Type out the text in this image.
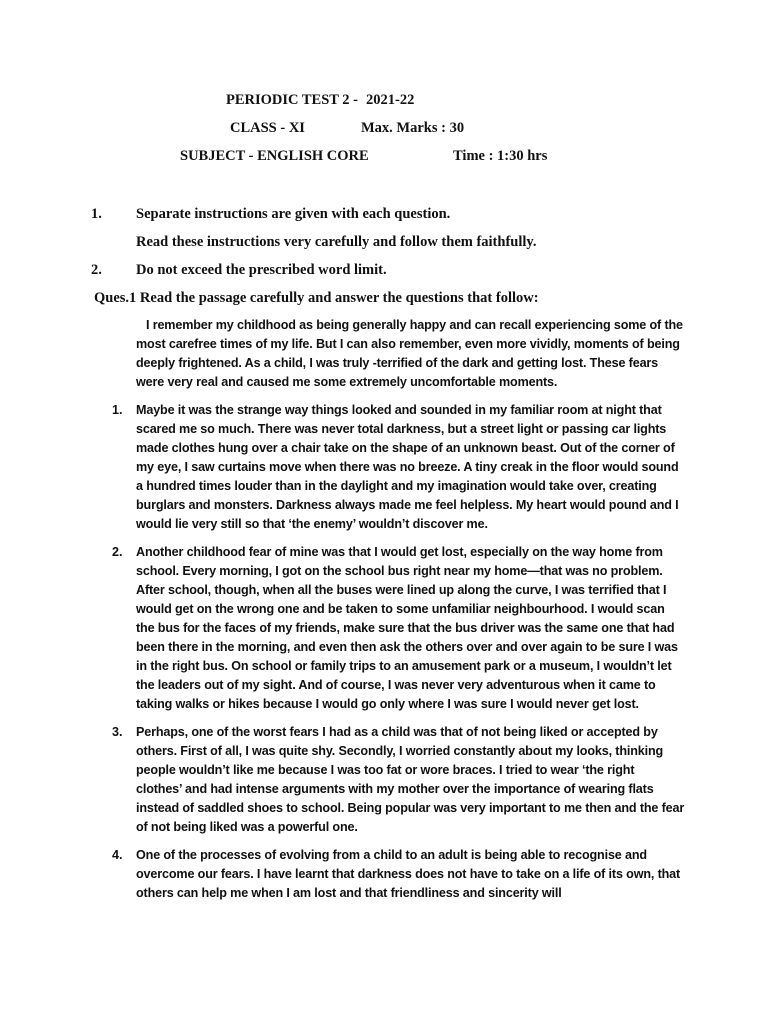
PERIODIC TEST 2 - 2021-22
CLASS - XI	Max. Marks : 30
SUBJECT - ENGLISH CORE	Time : 1:30 hrs
1. Separate instructions are given with each question.
Read these instructions very carefully and follow them faithfully.
2. Do not exceed the prescribed word limit.
Ques.1 Read the passage carefully and answer the questions that follow:
I remember my childhood as being generally happy and can recall experiencing some of the
most carefree times of my life. But I can also remember, even more vividly, moments of being
deeply frightened. As a child, I was truly -terrified of the dark and getting lost. These fears
were very real and caused me some extremely uncomfortable moments.
1. Maybe it was the strange way things looked and sounded in my familiar room at night that
scared me so much. There was never total darkness, but a street light or passing car lights
made clothes hung over a chair take on the shape of an unknown beast. Out of the corner of
my eye, I saw curtains move when there was no breeze. A tiny creak in the floor would sound
a hundred times louder than in the daylight and my imagination would take over, creating
burglars and monsters. Darkness always made me feel helpless. My heart would pound and I
would lie very still so that ‘the enemy’ wouldn’t discover me.
2. Another childhood fear of mine was that I would get lost, especially on the way home from
school. Every morning, I got on the school bus right near my home—that was no problem.
After school, though, when all the buses were lined up along the curve, I was terrified that I
would get on the wrong one and be taken to some unfamiliar neighbourhood. I would scan
the bus for the faces of my friends, make sure that the bus driver was the same one that had
been there in the morning, and even then ask the others over and over again to be sure I was
in the right bus. On school or family trips to an amusement park or a museum, I wouldn’t let
the leaders out of my sight. And of course, I was never very adventurous when it came to
taking walks or hikes because I would go only where I was sure I would never get lost.
3. Perhaps, one of the worst fears I had as a child was that of not being liked or accepted by
others. First of all, I was quite shy. Secondly, I worried constantly about my looks, thinking
people wouldn’t like me because I was too fat or wore braces. I tried to wear ‘the right
clothes’ and had intense arguments with my mother over the importance of wearing flats
instead of saddled shoes to school. Being popular was very important to me then and the fear
of not being liked was a powerful one.
4. One of the processes of evolving from a child to an adult is being able to recognise and
overcome our fears. I have learnt that darkness does not have to take on a life of its own, that
others can help me when I am lost and that friendliness and sincerity will
